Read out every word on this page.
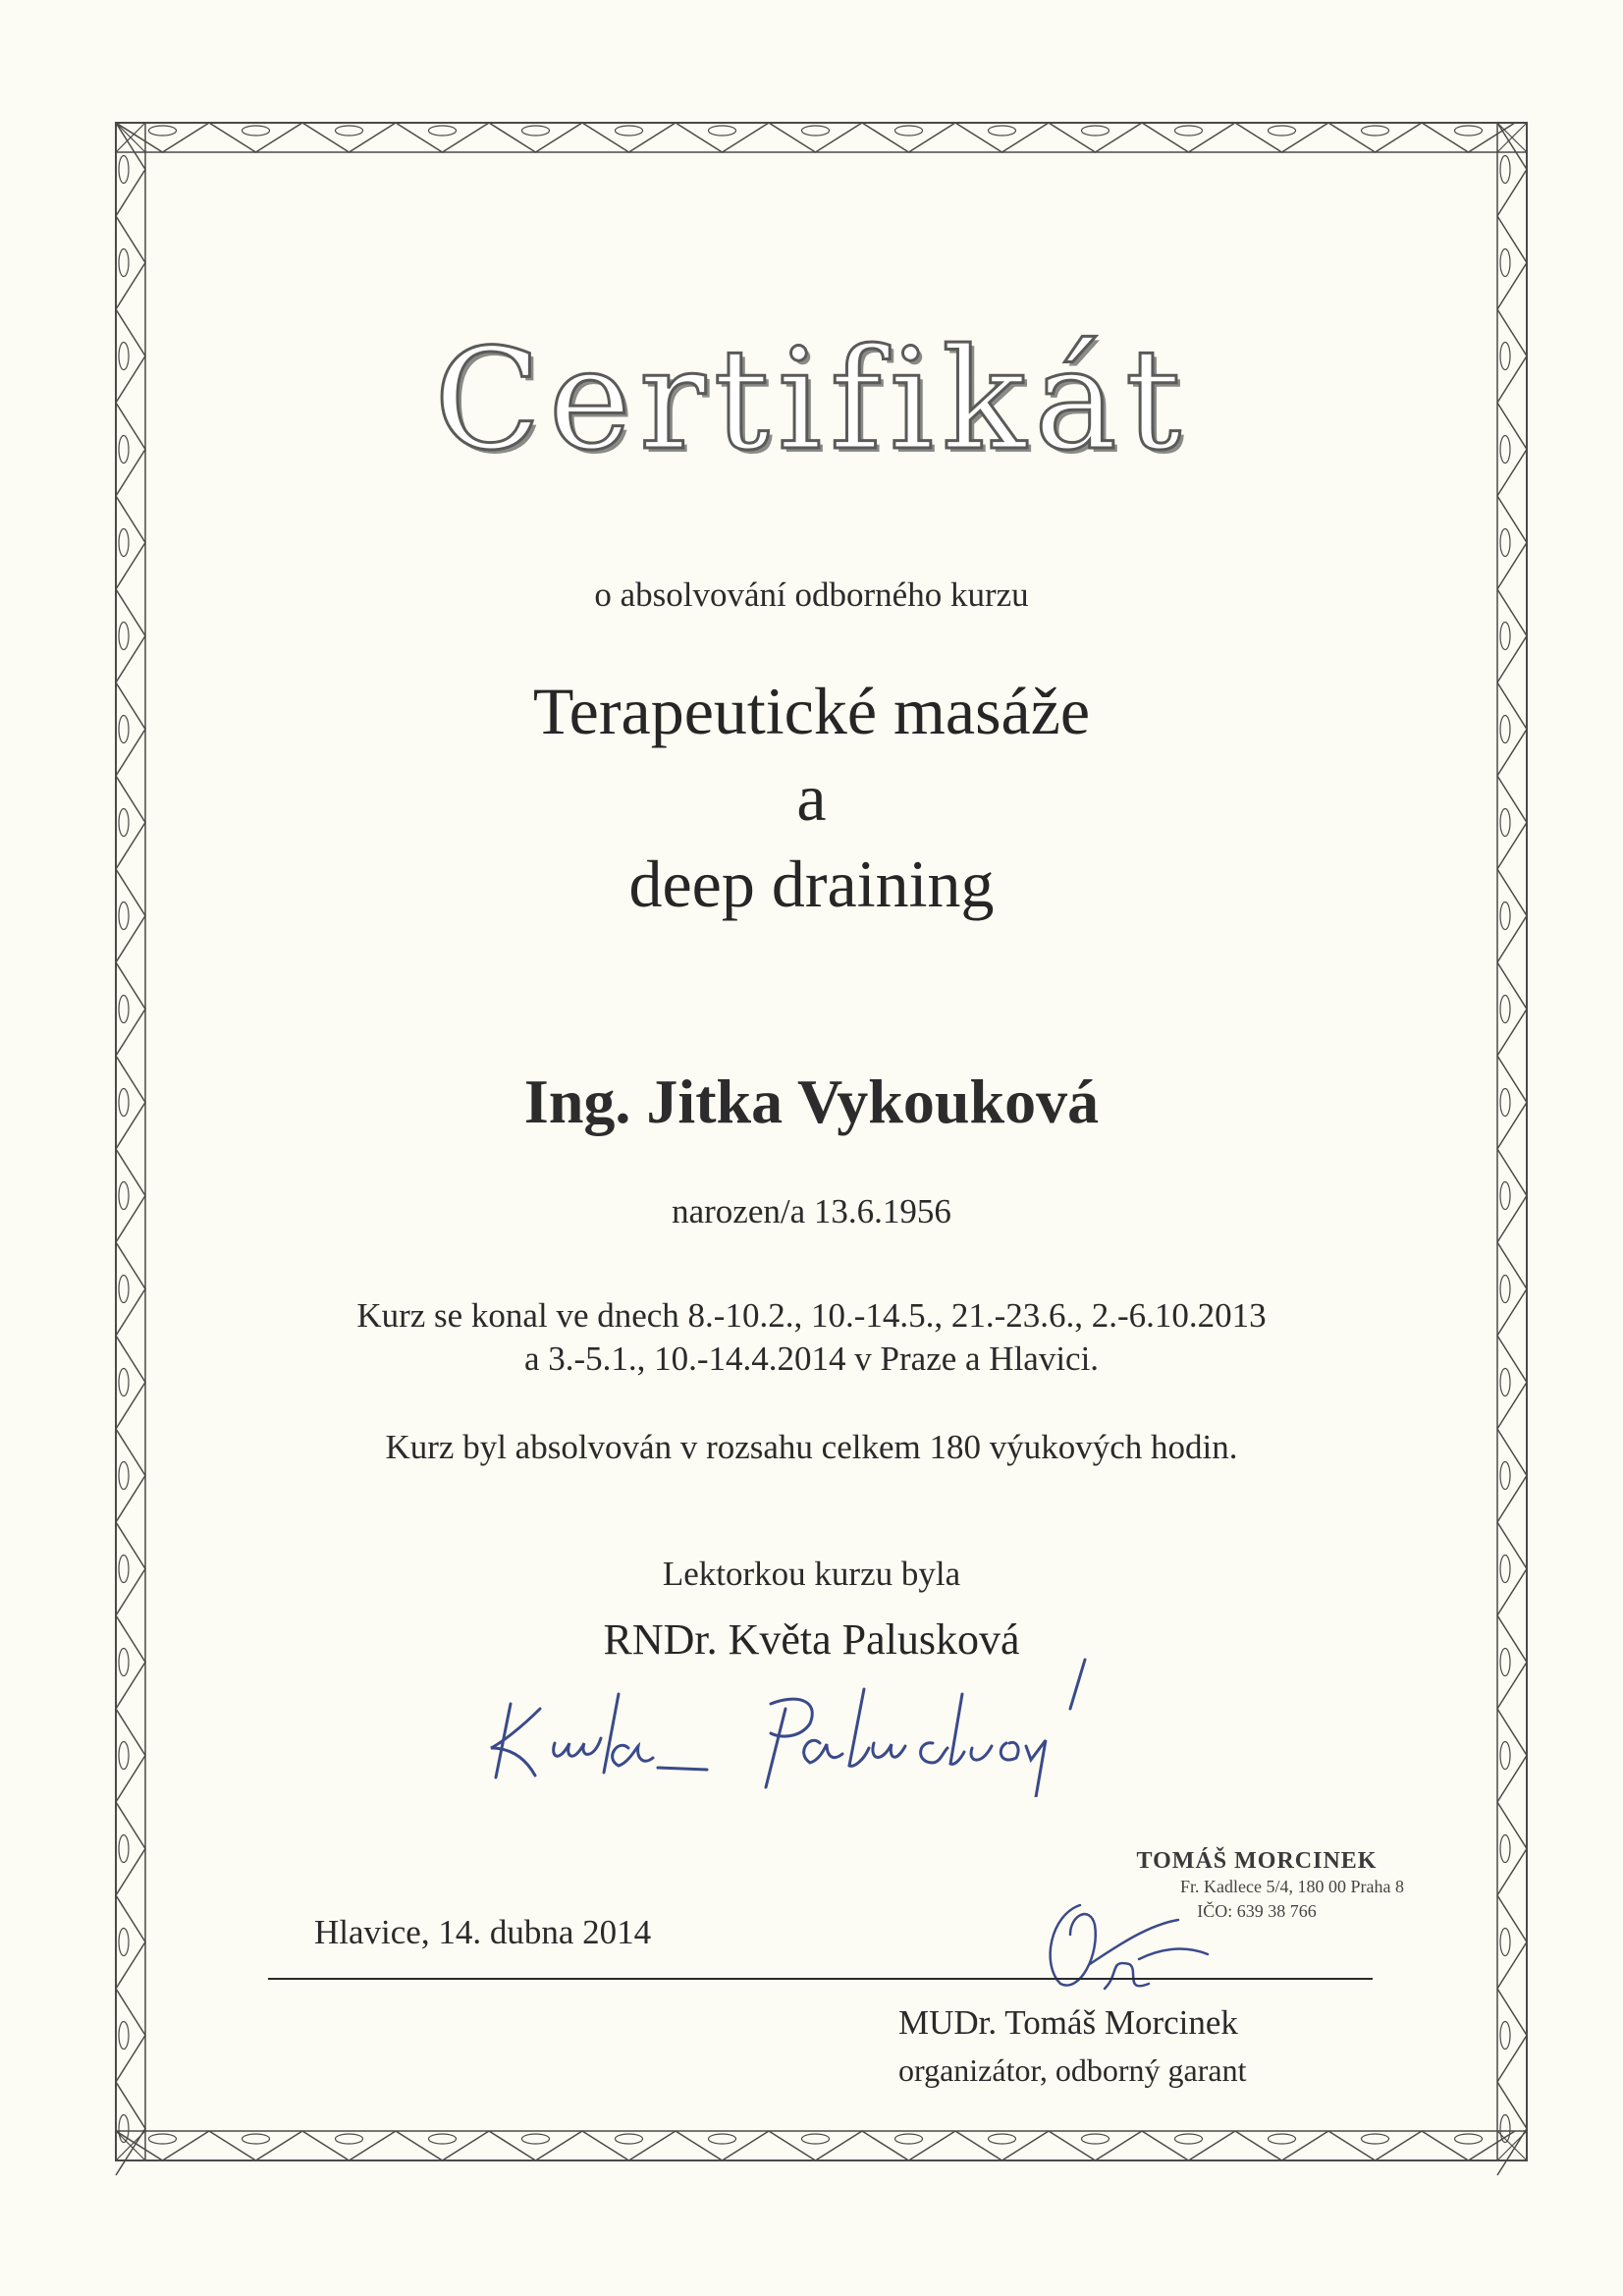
Certifikát
o absolvování odborného kurzu
Terapeutické masáže
a
deep draining
Ing. Jitka Vykouková
narozen/a 13.6.1956
Kurz se konal ve dnech 8.-10.2., 10.-14.5., 21.-23.6., 2.-6.10.2013
a 3.-5.1., 10.-14.4.2014 v Praze a Hlavici.
Kurz byl absolvován v rozsahu celkem 180 výukových hodin.
Lektorkou kurzu byla
RNDr. Květa Palusková
Hlavice, 14. dubna 2014
TOMÁŠ MORCINEK
Fr. Kadlece 5/4, 180 00 Praha 8
IČO: 639 38 766
MUDr. Tomáš Morcinek
organizátor, odborný garant
